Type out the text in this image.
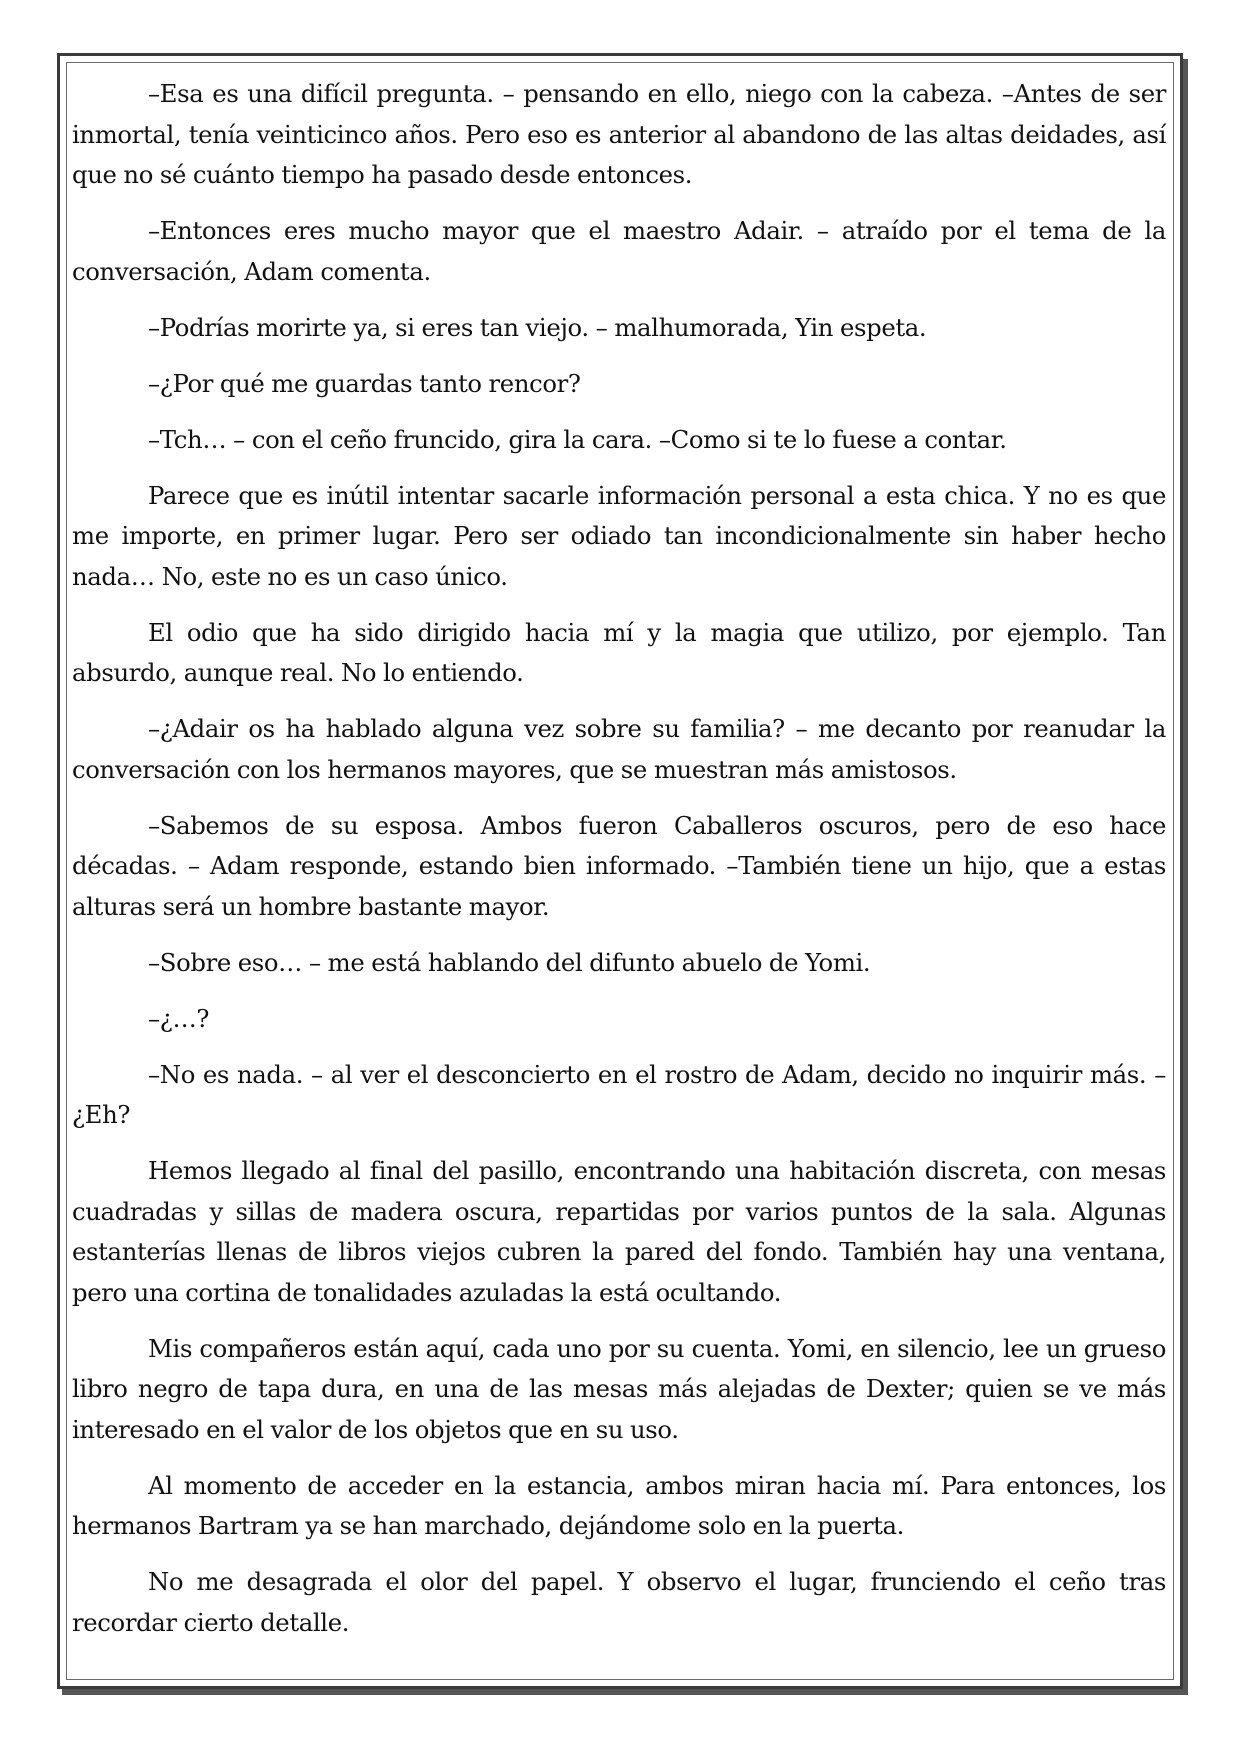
–Esa es una difícil pregunta. – pensando en ello, niego con la cabeza. –Antes de ser inmortal, tenía veinticinco años. Pero eso es anterior al abandono de las altas deidades, así que no sé cuánto tiempo ha pasado desde entonces.

–Entonces eres mucho mayor que el maestro Adair. – atraído por el tema de la conversación, Adam comenta.

–Podrías morirte ya, si eres tan viejo. – malhumorada, Yin espeta.

–¿Por qué me guardas tanto rencor?

–Tch… – con el ceño fruncido, gira la cara. –Como si te lo fuese a contar.

Parece que es inútil intentar sacarle información personal a esta chica. Y no es que me importe, en primer lugar. Pero ser odiado tan incondicionalmente sin haber hecho nada… No, este no es un caso único.

El odio que ha sido dirigido hacia mí y la magia que utilizo, por ejemplo. Tan absurdo, aunque real. No lo entiendo.

–¿Adair os ha hablado alguna vez sobre su familia? – me decanto por reanudar la conversación con los hermanos mayores, que se muestran más amistosos.

–Sabemos de su esposa. Ambos fueron Caballeros oscuros, pero de eso hace décadas. – Adam responde, estando bien informado. –También tiene un hijo, que a estas alturas será un hombre bastante mayor.

–Sobre eso… – me está hablando del difunto abuelo de Yomi.

–¿…?

–No es nada. – al ver el desconcierto en el rostro de Adam, decido no inquirir más. –¿Eh?

Hemos llegado al final del pasillo, encontrando una habitación discreta, con mesas cuadradas y sillas de madera oscura, repartidas por varios puntos de la sala. Algunas estanterías llenas de libros viejos cubren la pared del fondo. También hay una ventana, pero una cortina de tonalidades azuladas la está ocultando.

Mis compañeros están aquí, cada uno por su cuenta. Yomi, en silencio, lee un grueso libro negro de tapa dura, en una de las mesas más alejadas de Dexter; quien se ve más interesado en el valor de los objetos que en su uso.

Al momento de acceder en la estancia, ambos miran hacia mí. Para entonces, los hermanos Bartram ya se han marchado, dejándome solo en la puerta.

No me desagrada el olor del papel. Y observo el lugar, frunciendo el ceño tras recordar cierto detalle.
